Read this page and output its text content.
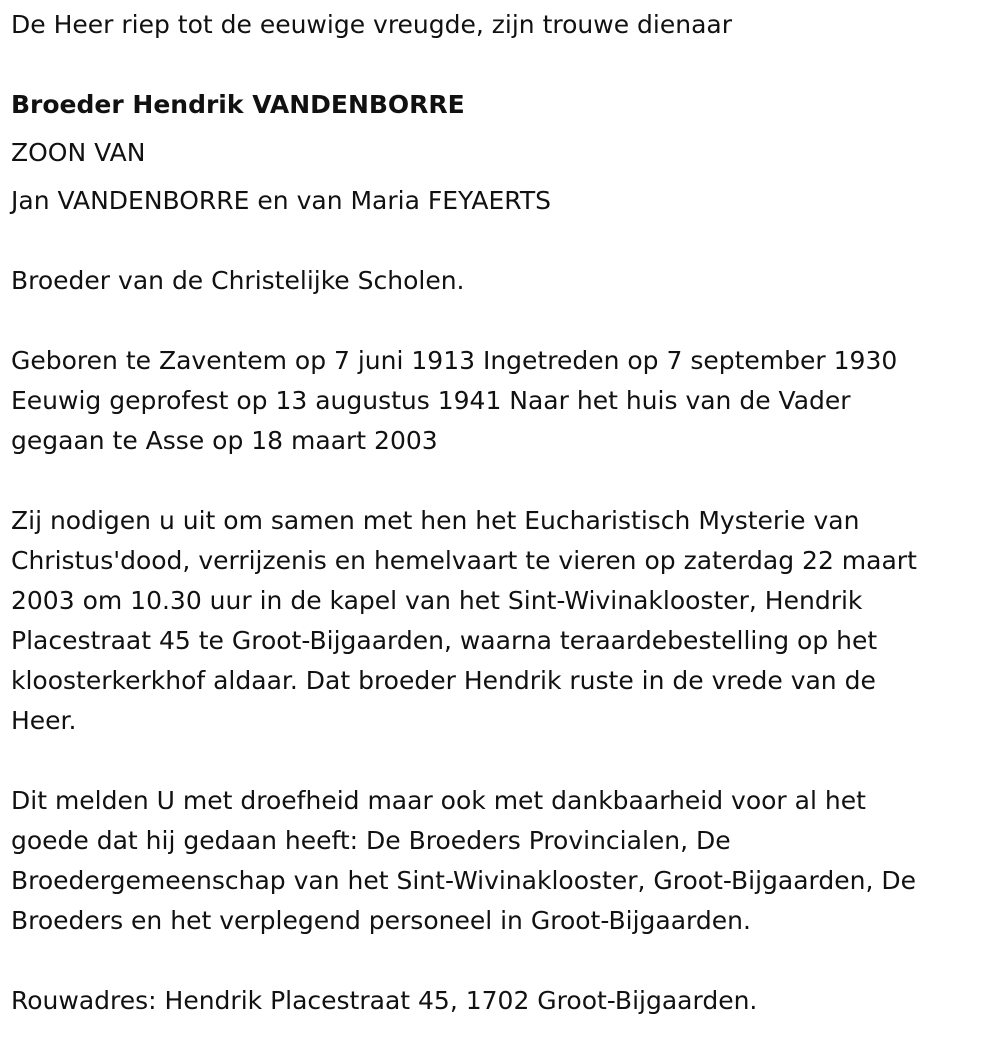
De Heer riep tot de eeuwige vreugde, zijn trouwe dienaar

Broeder Hendrik VANDENBORRE

ZOON VAN

Jan VANDENBORRE en van Maria FEYAERTS

Broeder van de Christelijke Scholen.

Geboren te Zaventem op 7 juni 1913 Ingetreden op 7 september 1930
Eeuwig geprofest op 13 augustus 1941 Naar het huis van de Vader
gegaan te Asse op 18 maart 2003
Zij nodigen u uit om samen met hen het Eucharistisch Mysterie van
Christus'dood, verrijzenis en hemelvaart te vieren op zaterdag 22 maart
2003 om 10.30 uur in de kapel van het Sint-Wivinaklooster, Hendrik
Placestraat 45 te Groot-Bijgaarden, waarna teraardebestelling op het
kloosterkerkhof aldaar. Dat broeder Hendrik ruste in de vrede van de
Heer.
Dit melden U met droefheid maar ook met dankbaarheid voor al het
goede dat hij gedaan heeft: De Broeders Provincialen, De
Broedergemeenschap van het Sint-Wivinaklooster, Groot-Bijgaarden, De
Broeders en het verplegend personeel in Groot-Bijgaarden.

Rouwadres: Hendrik Placestraat 45, 1702 Groot-Bijgaarden.
